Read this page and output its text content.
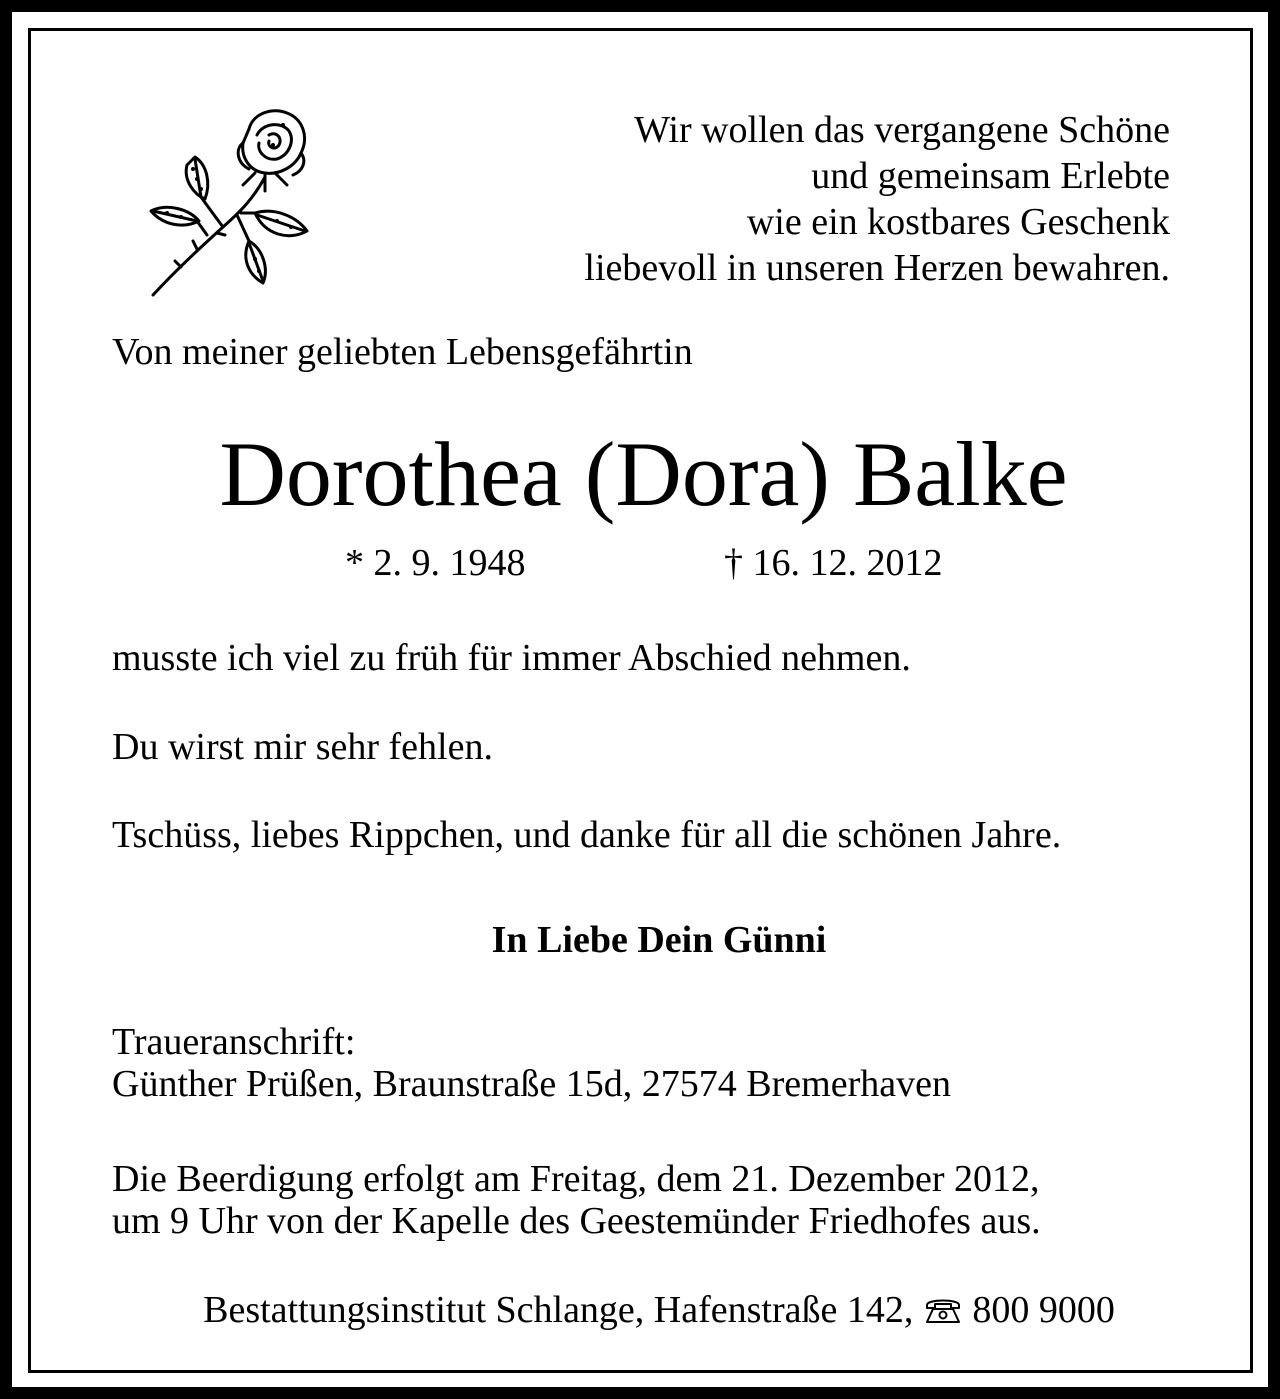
Wir wollen das vergangene Schöne
und gemeinsam Erlebte
wie ein kostbares Geschenk
liebevoll in unseren Herzen bewahren.
Von meiner geliebten Lebensgefährtin
Dorothea (Dora) Balke
* 2. 9. 1948	† 16. 12. 2012
musste ich viel zu früh für immer Abschied nehmen.
Du wirst mir sehr fehlen.
Tschüss, liebes Rippchen, und danke für all die schönen Jahre.
In Liebe Dein Günni
Traueranschrift:
Günther Prüßen, Braunstraße 15d, 27574 Bremerhaven
Die Beerdigung erfolgt am Freitag, dem 21. Dezember 2012,
um 9 Uhr von der Kapelle des Geestemünder Friedhofes aus.
Bestattungsinstitut Schlange, Hafenstraße 142, 800 9000
